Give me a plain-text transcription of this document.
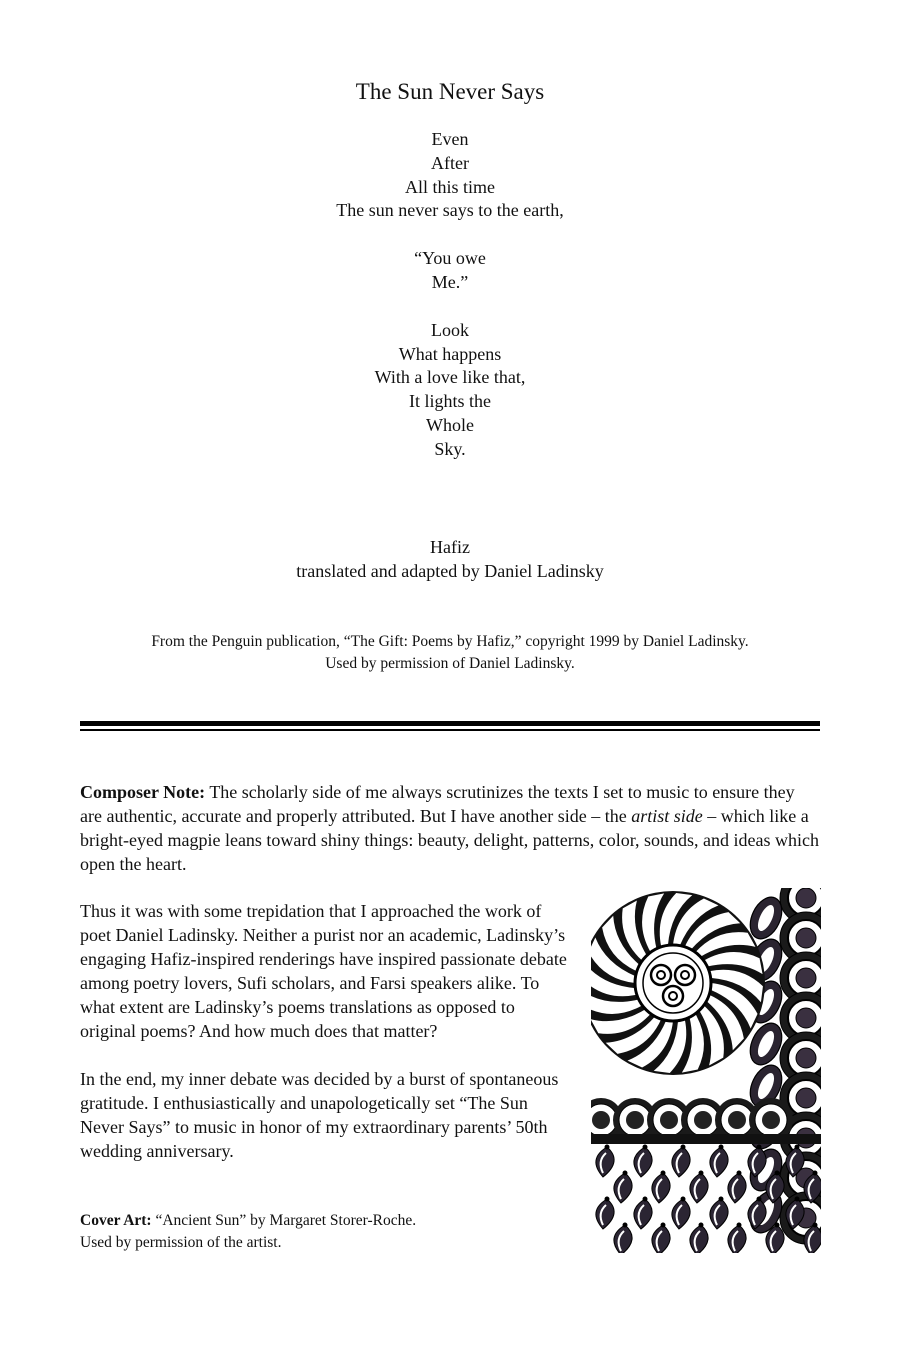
The Sun Never Says
Even
After
All this time
The sun never says to the earth,
“You owe
Me.”
Look
What happens
With a love like that,
It lights the
Whole
Sky.
Hafiz
translated and adapted by Daniel Ladinsky
From the Penguin publication, “The Gift: Poems by Hafiz,” copyright 1999 by Daniel Ladinsky.
Used by permission of Daniel Ladinsky.
Composer Note: The scholarly side of me always scrutinizes the texts I set to music to ensure they are authentic, accurate and properly attributed. But I have another side – the artist side – which like a bright-eyed magpie leans toward shiny things: beauty, delight, patterns, color, sounds, and ideas which open the heart.
Thus it was with some trepidation that I approached the work of poet Daniel Ladinsky. Neither a purist nor an academic, Ladinsky’s engaging Hafiz-inspired renderings have inspired passionate debate among poetry lovers, Sufi scholars, and Farsi speakers alike. To what extent are Ladinsky’s poems translations as opposed to original poems? And how much does that matter?
In the end, my inner debate was decided by a burst of spontaneous gratitude. I enthusiastically and unapologetically set “The Sun Never Says” to music in honor of my extraordinary parents’ 50th wedding anniversary.
Cover Art: “Ancient Sun” by Margaret Storer-Roche.
Used by permission of the artist.
